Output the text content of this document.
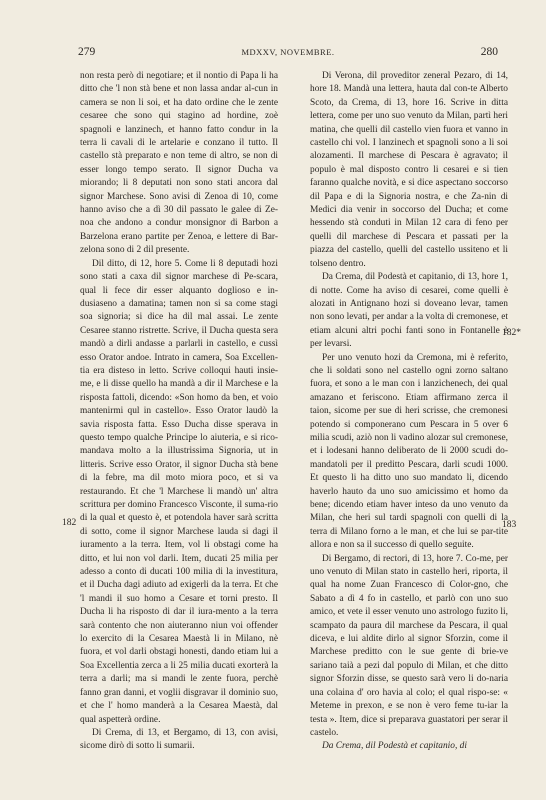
279	MDXXV, NOVEMBRE.	280
182
182*
183

non resta però di negotiare; et il nontio di Papa li ha ditto che 'l non stà bene et non lassa andar al-cun in camera se non li soi, et ha dato ordine che le zente cesaree che sono qui stagino ad hordine, zoè spagnoli e lanzinech, et hanno fatto condur in la terra li cavali di le artelarie e conzano il tutto. Il castello stà preparato e non teme di altro, se non di esser longo tempo serato. Il signor Ducha va miorando; li 8 deputati non sono stati ancora dal signor Marchese. Sono avisi di Zenoa di 10, come hanno aviso che a dì 30 dil passato le galee di Ze-noa che andono a condur monsignor di Barbon a Barzelona erano partite per Zenoa, e lettere di Bar-zelona sono di 2 dil presente.

Dil ditto, di 12, hore 5. Come li 8 deputadi hozi sono stati a caxa dil signor marchese di Pe-scara, qual li fece dir esser alquanto doglioso e in-dusiaseno a damatina; tamen non si sa come stagi soa signoria; si dice ha dil mal assai. Le zente Cesaree stanno ristrette. Scrive, il Ducha questa sera mandò a dirli andasse a parlarli in castello, e cussì esso Orator andoe. Intrato in camera, Soa Excellen-tia era disteso in letto. Scrive colloqui hauti insie-me, e li disse quello ha mandà a dir il Marchese e la risposta fattoli, dicendo: «Son homo da ben, et voio mantenirmi qul in castello». Esso Orator laudò la savia risposta fatta. Esso Ducha disse sperava in questo tempo qualche Principe lo aiuteria, e si rico-mandava molto a la illustrissima Signoria, ut in litteris. Scrive esso Orator, il signor Ducha stà bene di la febre, ma dil moto miora poco, et si va restaurando. Et che 'l Marchese li mandò un' altra scrittura per domino Francesco Visconte, il suma-rio di la qual et questo è, et potendola haver sarà scritta di sotto, come il signor Marchese lauda si dagi il iuramento a la terra. Item, vol li obstagi come ha ditto, et lui non vol darli. Item, ducati 25 milia per adesso a conto di ducati 100 milia di la investitura, et il Ducha dagi adiuto ad exigerli da la terra. Et che 'l mandi il suo homo a Cesare et torni presto. Il Ducha li ha risposto di dar il iura-mento a la terra sarà contento che non aiuteranno niun voi offender lo exercito di la Cesarea Maestà li in Milano, nè fuora, et vol darli obstagi honesti, dando etiam lui a Soa Excellentia zerca a li 25 milia ducati exorterà la terra a darli; ma si mandi le zente fuora, perchè fanno gran danni, et voglii disgravar il dominio suo, et che l' homo manderà a la Cesarea Maestà, dal qual aspetterà ordine.

Di Crema, di 13, et Bergamo, di 13, con avisi, sicome dirò di sotto li sumarii.

Di Verona, dil proveditor zeneral Pezaro, di 14, hore 18. Mandà una lettera, hauta dal con-te Alberto Scoto, da Crema, di 13, hore 16. Scrive in ditta lettera, come per uno suo venuto da Milan, partì heri matina, che quelli dil castello vien fuora et vanno in castello chi vol. I lanzinech et spagnoli sono a li soi alozamenti. Il marchese di Pescara è agravato; il populo è mal disposto contro li cesarei e si tien faranno qualche novità, e si dice aspectano soccorso dil Papa e di la Signoria nostra, e che Za-nin di Medici dia venir in soccorso del Ducha; et come hessendo stà conduti in Milan 12 cara di feno per quelli dil marchese di Pescara et passati per la piazza del castello, quelli del castello ussiteno et li tolseno dentro.

Da Crema, dil Podestà et capitanio, di 13, hore 1, di notte. Come ha aviso di cesarei, come quelli è alozati in Antignano hozi si doveano levar, tamen non sono levati, per andar a la volta di cremonese, et etiam alcuni altri pochi fanti sono in Fontanelle è per levarsi.

Per uno venuto hozi da Cremona, mi è referito, che li soldati sono nel castello ogni zorno saltano fuora, et sono a le man con i lanzichenech, dei qual amazano et feriscono. Etiam affirmano zerca il taion, sicome per sue di heri scrisse, che cremonesi potendo si componerano cum Pescara in 5 over 6 milia scudi, aziò non li vadino alozar sul cremonese, et i lodesani hanno deliberato de li 2000 scudi do-mandatoli per il preditto Pescara, darli scudi 1000. Et questo li ha ditto uno suo mandato li, dicendo haverlo hauto da uno suo amicissimo et homo da bene; dicendo etiam haver inteso da uno venuto da Milan, che heri sul tardi spagnoli con quelli di la terra di Milano forno a le man, et che lui se par-tite allora e non sa il successo di quello seguite.

Di Bergamo, di rectori, di 13, hore 7. Co-me, per uno venuto di Milan stato in castello heri, riporta, il qual ha nome Zuan Francesco di Color-gno, che Sabato a dì 4 fo in castello, et parlò con uno suo amico, et vete il esser venuto uno astrologo fuzito li, scampato da paura dil marchese da Pescara, il qual diceva, e lui aldite dirlo al signor Sforzin, come il Marchese preditto con le sue gente di brie-ve sariano taià a pezi dal populo di Milan, et che ditto signor Sforzin disse, se questo sarà vero li do-naria una colaina d' oro havia al colo; el qual rispo-se: « Meteme in prexon, e se non è vero feme tu-iar la testa ». Item, dice si preparava guastatori per serar il castelo.

Da Crema, dil Podestà et capitanio, di
